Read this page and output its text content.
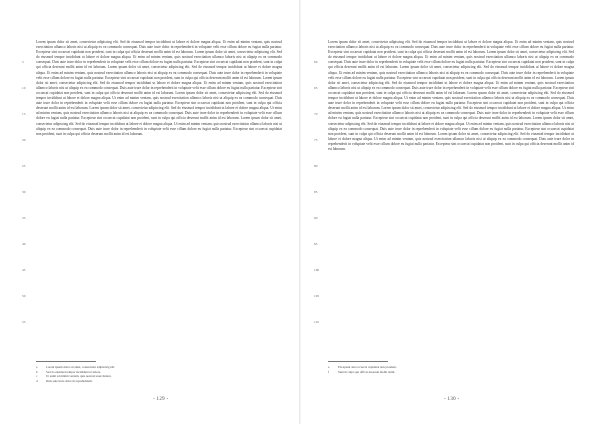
5
10
15
20
25
30
35
40
45
50
55
Lorem ipsum dolor sit amet, consectetur adipiscing elit. Sed do eiusmod tempor incididunt ut labore et dolore magna aliqua. Ut enim ad minim veniam, quis nostrud exercitation ullamco laboris nisi ut aliquip ex ea commodo consequat. Duis aute irure dolor in reprehenderit in voluptate velit esse cillum dolore eu fugiat nulla pariatur. Excepteur sint occaecat cupidatat non proident, sunt in culpa qui officia deserunt mollit anim id est laborum. Lorem ipsum dolor sit amet, consectetur adipiscing elit. Sed do eiusmod tempor incididunt ut labore et dolore magna aliqua. Ut enim ad minim veniam, quis nostrud exercitation ullamco laboris nisi ut aliquip ex ea commodo consequat. Duis aute irure dolor in reprehenderit in voluptate velit esse cillum dolore eu fugiat nulla pariatur. Excepteur sint occaecat cupidatat non proident, sunt in culpa qui officia deserunt mollit anim id est laborum. Lorem ipsum dolor sit amet, consectetur adipiscing elit. Sed do eiusmod tempor incididunt ut labore et dolore magna aliqua. Ut enim ad minim veniam, quis nostrud exercitation ullamco laboris nisi ut aliquip ex ea commodo consequat. Duis aute irure dolor in reprehenderit in voluptate velit esse cillum dolore eu fugiat nulla pariatur. Excepteur sint occaecat cupidatat non proident, sunt in culpa qui officia deserunt mollit anim id est laborum. Lorem ipsum dolor sit amet, consectetur adipiscing elit. Sed do eiusmod tempor incididunt ut labore et dolore magna aliqua. Ut enim ad minim veniam, quis nostrud exercitation ullamco laboris nisi ut aliquip ex ea commodo consequat. Duis aute irure dolor in reprehenderit in voluptate velit esse cillum dolore eu fugiat nulla pariatur. Excepteur sint occaecat cupidatat non proident, sunt in culpa qui officia deserunt mollit anim id est laborum. Lorem ipsum dolor sit amet, consectetur adipiscing elit. Sed do eiusmod tempor incididunt ut labore et dolore magna aliqua. Ut enim ad minim veniam, quis nostrud exercitation ullamco laboris nisi ut aliquip ex ea commodo consequat. Duis aute irure dolor in reprehenderit in voluptate velit esse cillum dolore eu fugiat nulla pariatur. Excepteur sint occaecat cupidatat non proident, sunt in culpa qui officia deserunt mollit anim id est laborum. Lorem ipsum dolor sit amet, consectetur adipiscing elit. Sed do eiusmod tempor incididunt ut labore et dolore magna aliqua. Ut enim ad minim veniam, quis nostrud exercitation ullamco laboris nisi ut aliquip ex ea commodo consequat. Duis aute irure dolor in reprehenderit in voluptate velit esse cillum dolore eu fugiat nulla pariatur. Excepteur sint occaecat cupidatat non proident, sunt in culpa qui officia deserunt mollit anim id est laborum. Lorem ipsum dolor sit amet, consectetur adipiscing elit. Sed do eiusmod tempor incididunt ut labore et dolore magna aliqua. Ut enim ad minim veniam, quis nostrud exercitation ullamco laboris nisi ut aliquip ex ea commodo consequat. Duis aute irure dolor in reprehenderit in voluptate velit esse cillum dolore eu fugiat nulla pariatur. Excepteur sint occaecat cupidatat non proident, sunt in culpa qui officia deserunt mollit anim id est laborum.
a	Lorem ipsum dolor sit amet, consectetur adipiscing elit.
b	Sed do eiusmod tempor incididunt ut labore.
c	Ut enim ad minim veniam, quis nostrud exercitation.
d	Duis aute irure dolor in reprehenderit.
- 129 -
60
65
70
75
80
85
90
95
100
105
110
Lorem ipsum dolor sit amet, consectetur adipiscing elit. Sed do eiusmod tempor incididunt ut labore et dolore magna aliqua. Ut enim ad minim veniam, quis nostrud exercitation ullamco laboris nisi ut aliquip ex ea commodo consequat. Duis aute irure dolor in reprehenderit in voluptate velit esse cillum dolore eu fugiat nulla pariatur. Excepteur sint occaecat cupidatat non proident, sunt in culpa qui officia deserunt mollit anim id est laborum. Lorem ipsum dolor sit amet, consectetur adipiscing elit. Sed do eiusmod tempor incididunt ut labore et dolore magna aliqua. Ut enim ad minim veniam, quis nostrud exercitation ullamco laboris nisi ut aliquip ex ea commodo consequat. Duis aute irure dolor in reprehenderit in voluptate velit esse cillum dolore eu fugiat nulla pariatur. Excepteur sint occaecat cupidatat non proident, sunt in culpa qui officia deserunt mollit anim id est laborum. Lorem ipsum dolor sit amet, consectetur adipiscing elit. Sed do eiusmod tempor incididunt ut labore et dolore magna aliqua. Ut enim ad minim veniam, quis nostrud exercitation ullamco laboris nisi ut aliquip ex ea commodo consequat. Duis aute irure dolor in reprehenderit in voluptate velit esse cillum dolore eu fugiat nulla pariatur. Excepteur sint occaecat cupidatat non proident, sunt in culpa qui officia deserunt mollit anim id est laborum. Lorem ipsum dolor sit amet, consectetur adipiscing elit. Sed do eiusmod tempor incididunt ut labore et dolore magna aliqua. Ut enim ad minim veniam, quis nostrud exercitation ullamco laboris nisi ut aliquip ex ea commodo consequat. Duis aute irure dolor in reprehenderit in voluptate velit esse cillum dolore eu fugiat nulla pariatur. Excepteur sint occaecat cupidatat non proident, sunt in culpa qui officia deserunt mollit anim id est laborum. Lorem ipsum dolor sit amet, consectetur adipiscing elit. Sed do eiusmod tempor incididunt ut labore et dolore magna aliqua. Ut enim ad minim veniam, quis nostrud exercitation ullamco laboris nisi ut aliquip ex ea commodo consequat. Duis aute irure dolor in reprehenderit in voluptate velit esse cillum dolore eu fugiat nulla pariatur. Excepteur sint occaecat cupidatat non proident, sunt in culpa qui officia deserunt mollit anim id est laborum. Lorem ipsum dolor sit amet, consectetur adipiscing elit. Sed do eiusmod tempor incididunt ut labore et dolore magna aliqua. Ut enim ad minim veniam, quis nostrud exercitation ullamco laboris nisi ut aliquip ex ea commodo consequat. Duis aute irure dolor in reprehenderit in voluptate velit esse cillum dolore eu fugiat nulla pariatur. Excepteur sint occaecat cupidatat non proident, sunt in culpa qui officia deserunt mollit anim id est laborum. Lorem ipsum dolor sit amet, consectetur adipiscing elit. Sed do eiusmod tempor incididunt ut labore et dolore magna aliqua. Ut enim ad minim veniam, quis nostrud exercitation ullamco laboris nisi ut aliquip ex ea commodo consequat. Duis aute irure dolor in reprehenderit in voluptate velit esse cillum dolore eu fugiat nulla pariatur. Excepteur sint occaecat cupidatat non proident, sunt in culpa qui officia deserunt mollit anim id est laborum. Lorem ipsum dolor sit amet, consectetur adipiscing elit. Sed do eiusmod tempor incididunt ut labore et dolore magna aliqua. Ut enim ad minim veniam, quis nostrud exercitation ullamco laboris nisi ut aliquip ex ea commodo consequat. Duis aute irure dolor in reprehenderit in voluptate velit esse cillum dolore eu fugiat nulla pariatur. Excepteur sint occaecat cupidatat non proident, sunt in culpa qui officia deserunt mollit anim id est laborum.
e	Excepteur sint occaecat cupidatat non proident.
f	Sunt in culpa qui officia deserunt mollit anim.
- 130 -
